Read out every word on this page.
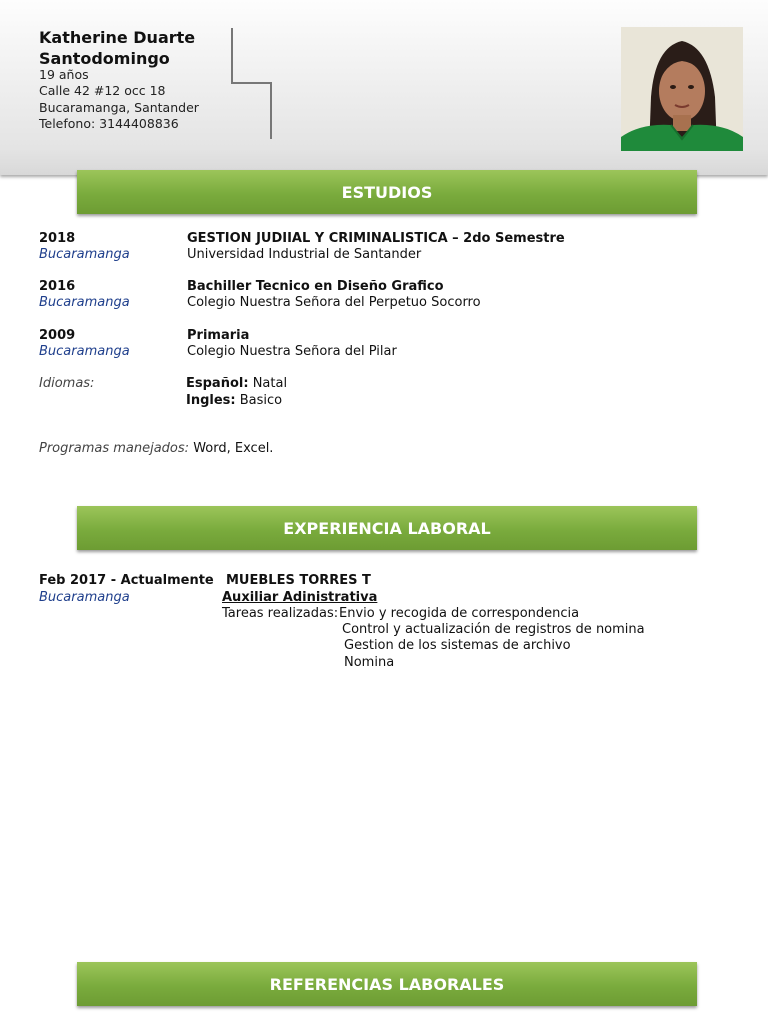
Katherine Duarte
Santodomingo
19 años
Calle 42 #12 occ 18
Bucaramanga, Santander
Telefono: 3144408836
ESTUDIOS
2018
Bucaramanga
GESTION JUDIIAL Y CRIMINALISTICA – 2do Semestre
Universidad Industrial de Santander
2016
Bucaramanga
Bachiller Tecnico en Diseño Grafico
Colegio Nuestra Señora del Perpetuo Socorro
2009
Bucaramanga
Primaria
Colegio Nuestra Señora del Pilar
Idiomas:	Español: Natal
Ingles: Basico
Programas manejados: Word, Excel.
EXPERIENCIA LABORAL
Feb 2017 - Actualmente
Bucaramanga
MUEBLES TORRES T
Auxiliar Adinistrativa
Tareas realizadas: Envio y recogida de correspondencia
Control y actualización de registros de nomina
Gestion de los sistemas de archivo
Nomina
REFERENCIAS LABORALES
